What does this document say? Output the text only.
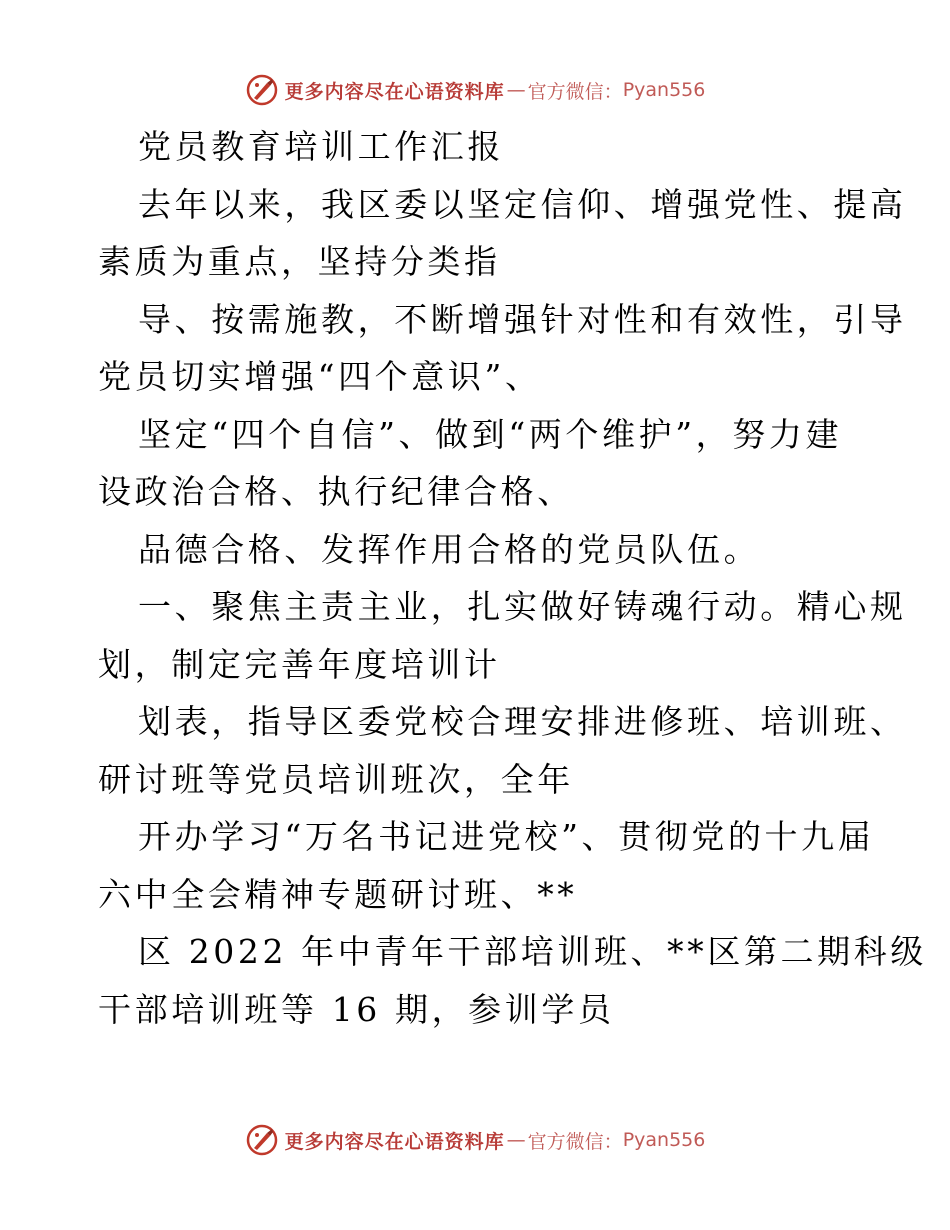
更多内容尽在心语资料库 — 官方微信： Pyan556
党员教育培训工作汇报
去年以来，我区委以坚定信仰、增强党性、提高
素质为重点，坚持分类指
导、按需施教，不断增强针对性和有效性，引导
党员切实增强“四个意识”、
坚定“四个自信”、做到“两个维护”，努力建
设政治合格、执行纪律合格、
品德合格、发挥作用合格的党员队伍。
一、聚焦主责主业，扎实做好铸魂行动。精心规
划，制定完善年度培训计
划表，指导区委党校合理安排进修班、培训班、
研讨班等党员培训班次，全年
开办学习“万名书记进党校”、贯彻党的十九届
六中全会精神专题研讨班、**
区 2022 年中青年干部培训班、**区第二期科级
干部培训班等 16 期，参训学员
更多内容尽在心语资料库 — 官方微信： Pyan556
